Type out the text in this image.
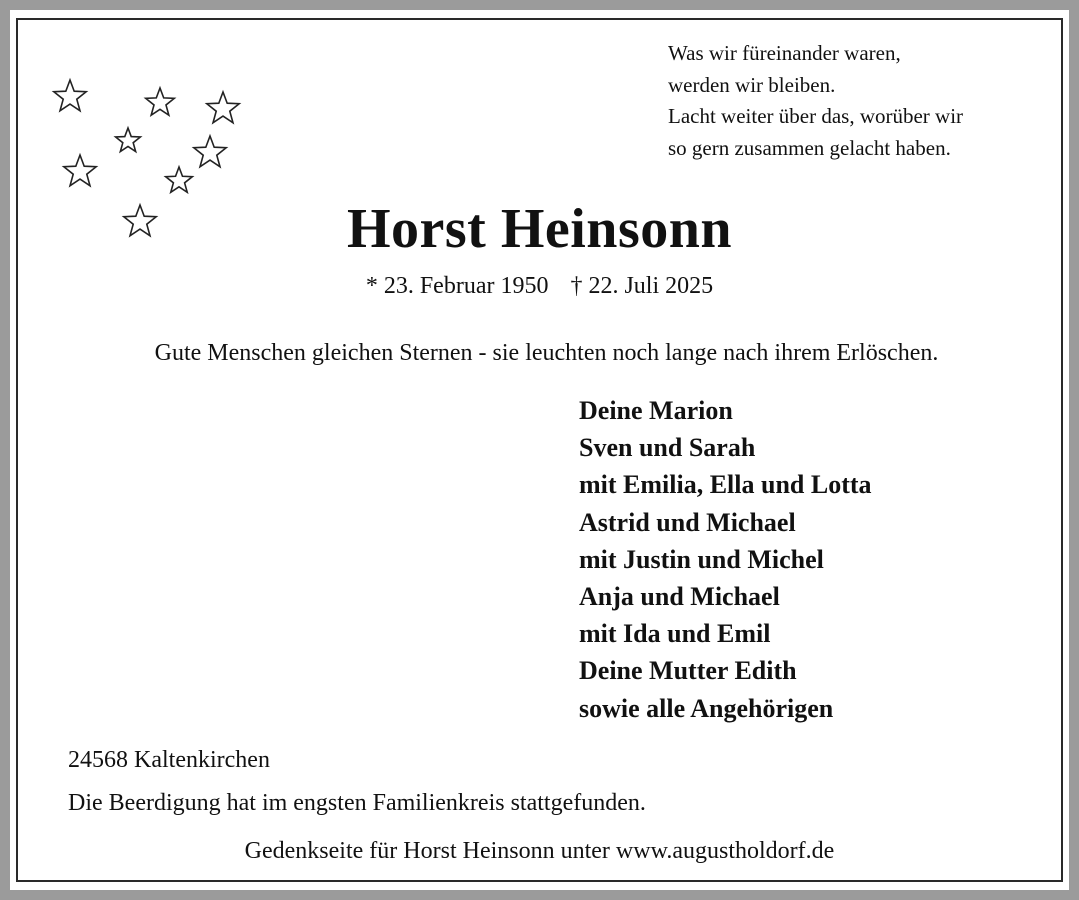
Was wir füreinander waren,
werden wir bleiben.
Lacht weiter über das, worüber wir
so gern zusammen gelacht haben.
Horst Heinsonn
* 23. Februar 1950 † 22. Juli 2025
Gute Menschen gleichen Sternen - sie leuchten noch lange nach ihrem Erlöschen.
Deine Marion
Sven und Sarah
mit Emilia, Ella und Lotta
Astrid und Michael
mit Justin und Michel
Anja und Michael
mit Ida und Emil
Deine Mutter Edith
sowie alle Angehörigen
24568 Kaltenkirchen
Die Beerdigung hat im engsten Familienkreis stattgefunden.
Gedenkseite für Horst Heinsonn unter www.augustholdorf.de
